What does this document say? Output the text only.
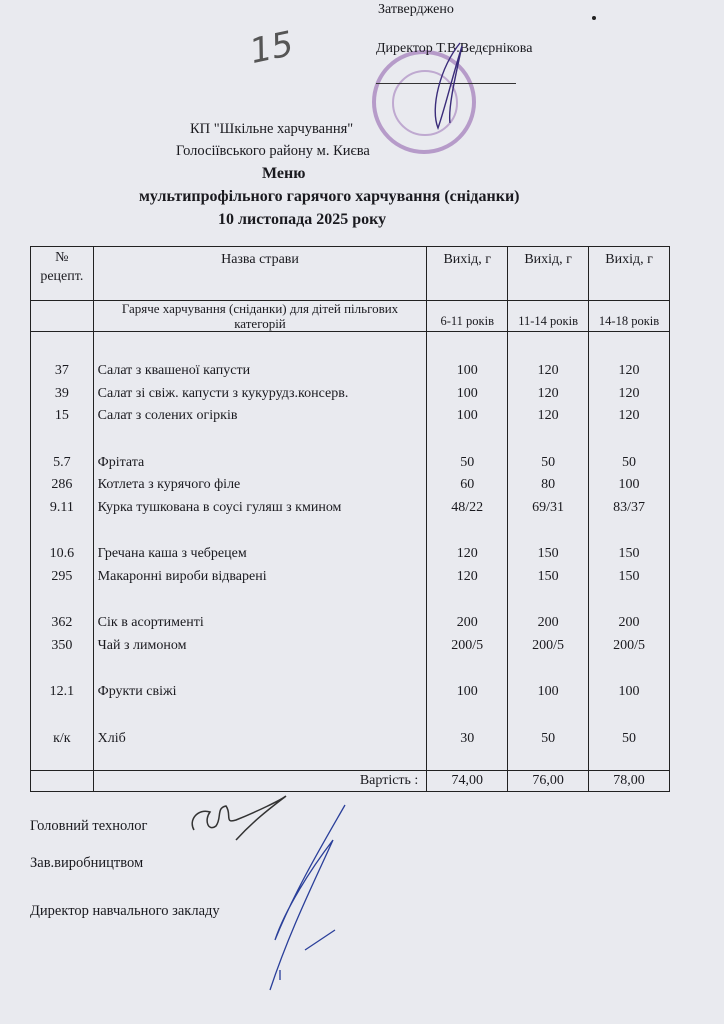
15
Затверджено
Директор Т.В.Ведєрнікова
КП "Шкільне харчування"
Голосіївського району м. Києва
Меню
мультипрофільного гарячого харчування (сніданки)
10 листопада 2025 року
№ рецепт.	Назва страви	Вихід, г	Вихід, г	Вихід, г
	Гаряче харчування (сніданки) для дітей пільгових категорій	6-11 років	11-14 років	14-18 років

37	Салат з квашеної капусти	100	120	120
39	Салат зі свіж. капусти з кукурудз.консерв.	100	120	120
15	Салат з солених огірків	100	120	120

5.7	Фрітата	50	50	50
286	Котлета з курячого філе	60	80	100
9.11	Курка тушкована в соусі гуляш з кмином	48/22	69/31	83/37

10.6	Гречана каша з чебрецем	120	150	150
295	Макаронні вироби відварені	120	150	150

362	Сік в асортименті	200	200	200
350	Чай з лимоном	200/5	200/5	200/5

12.1	Фрукти свіжі	100	100	100

к/к	Хліб	30	50	50

	Вартість :	74,00	76,00	78,00
Головний технолог
Зав.виробництвом
Директор навчального закладу
